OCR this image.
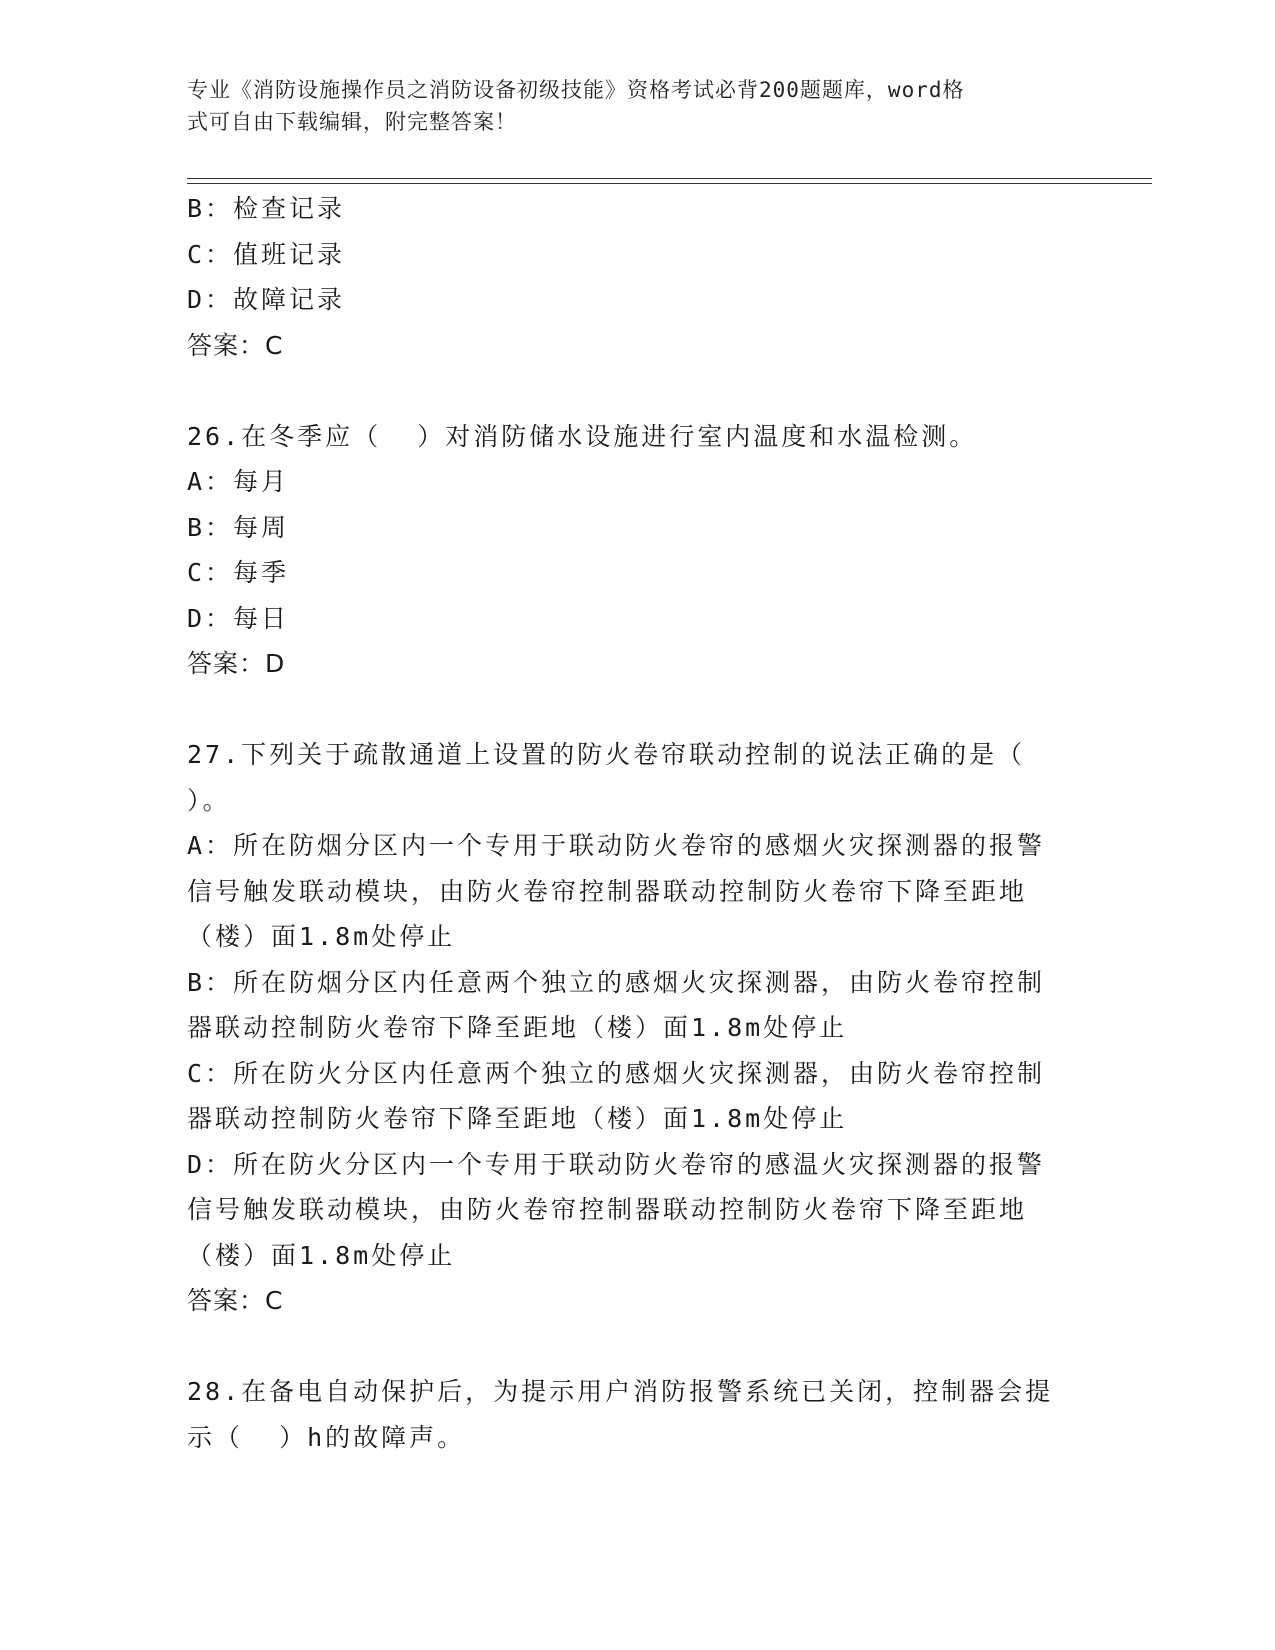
专业《消防设施操作员之消防设备初级技能》资格考试必背200题题库，word格
式可自由下载编辑，附完整答案！
B：检查记录
C：值班记录
D：故障记录
答案：C
26.在冬季应（  ）对消防储水设施进行室内温度和水温检测。
A：每月
B：每周
C：每季
D：每日
答案：D
27.下列关于疏散通道上设置的防火卷帘联动控制的说法正确的是（
）。
A：所在防烟分区内一个专用于联动防火卷帘的感烟火灾探测器的报警
信号触发联动模块，由防火卷帘控制器联动控制防火卷帘下降至距地
（楼）面1.8m处停止
B：所在防烟分区内任意两个独立的感烟火灾探测器，由防火卷帘控制
器联动控制防火卷帘下降至距地（楼）面1.8m处停止
C：所在防火分区内任意两个独立的感烟火灾探测器，由防火卷帘控制
器联动控制防火卷帘下降至距地（楼）面1.8m处停止
D：所在防火分区内一个专用于联动防火卷帘的感温火灾探测器的报警
信号触发联动模块，由防火卷帘控制器联动控制防火卷帘下降至距地
（楼）面1.8m处停止
答案：C
28.在备电自动保护后，为提示用户消防报警系统已关闭，控制器会提
示（  ）h的故障声。
